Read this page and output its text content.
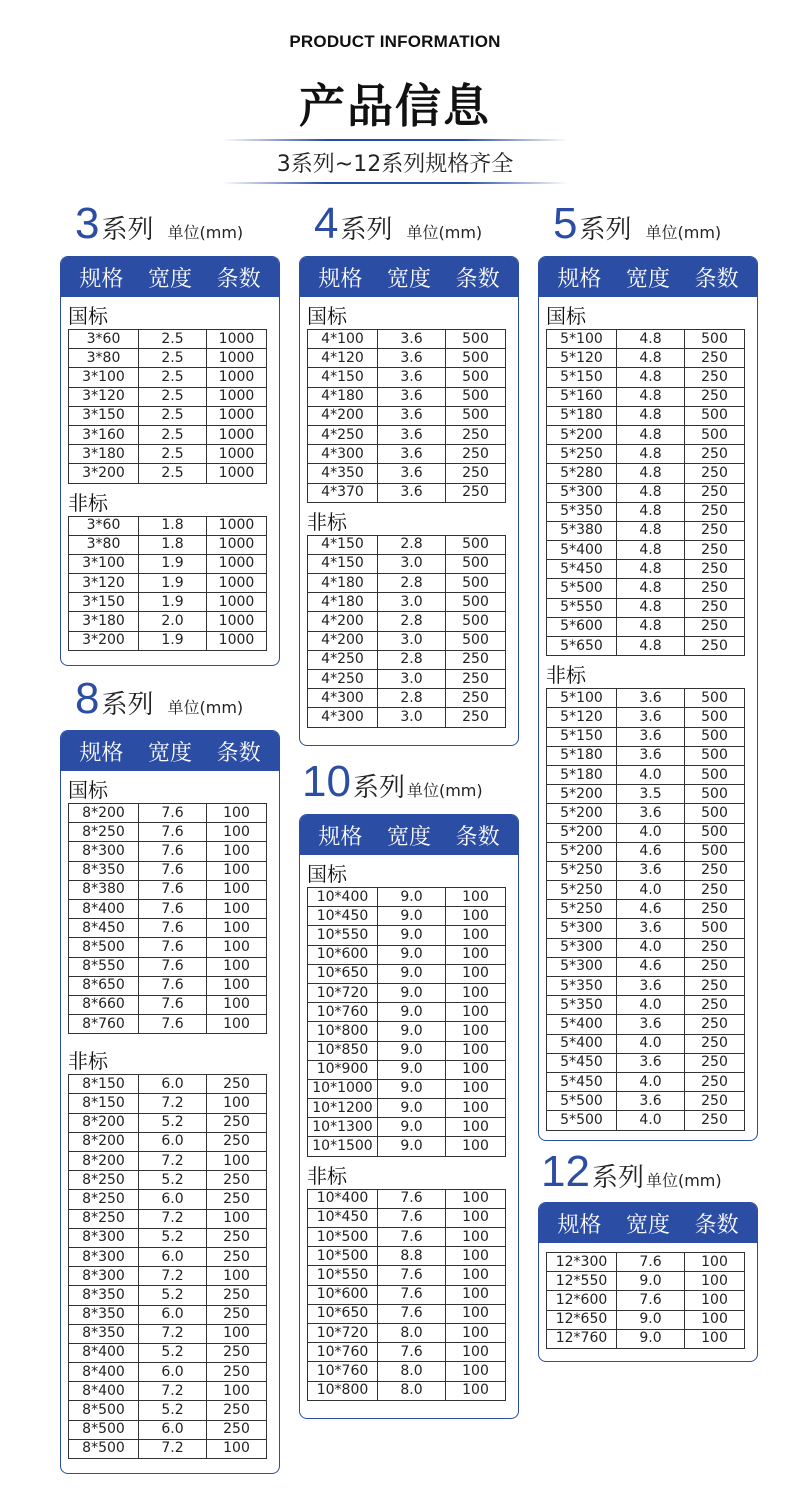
PRODUCT INFORMATION
产品信息
3系列~12系列规格齐全
3 系列 单位(mm)
规格 宽度 条数
国标
3*60	2.5	1000
3*80	2.5	1000
3*100	2.5	1000
3*120	2.5	1000
3*150	2.5	1000
3*160	2.5	1000
3*180	2.5	1000
3*200	2.5	1000
非标
3*60	1.8	1000
3*80	1.8	1000
3*100	1.9	1000
3*120	1.9	1000
3*150	1.9	1000
3*180	2.0	1000
3*200	1.9	1000
8 系列 单位(mm)
规格 宽度 条数
国标
8*200	7.6	100
8*250	7.6	100
8*300	7.6	100
8*350	7.6	100
8*380	7.6	100
8*400	7.6	100
8*450	7.6	100
8*500	7.6	100
8*550	7.6	100
8*650	7.6	100
8*660	7.6	100
8*760	7.6	100
非标
8*150	6.0	250
8*150	7.2	100
8*200	5.2	250
8*200	6.0	250
8*200	7.2	100
8*250	5.2	250
8*250	6.0	250
8*250	7.2	100
8*300	5.2	250
8*300	6.0	250
8*300	7.2	100
8*350	5.2	250
8*350	6.0	250
8*350	7.2	100
8*400	5.2	250
8*400	6.0	250
8*400	7.2	100
8*500	5.2	250
8*500	6.0	250
8*500	7.2	100
4 系列 单位(mm)
规格 宽度 条数
国标
4*100	3.6	500
4*120	3.6	500
4*150	3.6	500
4*180	3.6	500
4*200	3.6	500
4*250	3.6	250
4*300	3.6	250
4*350	3.6	250
4*370	3.6	250
非标
4*150	2.8	500
4*150	3.0	500
4*180	2.8	500
4*180	3.0	500
4*200	2.8	500
4*200	3.0	500
4*250	2.8	250
4*250	3.0	250
4*300	2.8	250
4*300	3.0	250
10 系列 单位(mm)
规格 宽度 条数
国标
10*400	9.0	100
10*450	9.0	100
10*550	9.0	100
10*600	9.0	100
10*650	9.0	100
10*720	9.0	100
10*760	9.0	100
10*800	9.0	100
10*850	9.0	100
10*900	9.0	100
10*1000	9.0	100
10*1200	9.0	100
10*1300	9.0	100
10*1500	9.0	100
非标
10*400	7.6	100
10*450	7.6	100
10*500	7.6	100
10*500	8.8	100
10*550	7.6	100
10*600	7.6	100
10*650	7.6	100
10*720	8.0	100
10*760	7.6	100
10*760	8.0	100
10*800	8.0	100
5 系列 单位(mm)
规格 宽度 条数
国标
5*100	4.8	500
5*120	4.8	250
5*150	4.8	250
5*160	4.8	250
5*180	4.8	500
5*200	4.8	500
5*250	4.8	250
5*280	4.8	250
5*300	4.8	250
5*350	4.8	250
5*380	4.8	250
5*400	4.8	250
5*450	4.8	250
5*500	4.8	250
5*550	4.8	250
5*600	4.8	250
5*650	4.8	250
非标
5*100	3.6	500
5*120	3.6	500
5*150	3.6	500
5*180	3.6	500
5*180	4.0	500
5*200	3.5	500
5*200	3.6	500
5*200	4.0	500
5*200	4.6	500
5*250	3.6	250
5*250	4.0	250
5*250	4.6	250
5*300	3.6	500
5*300	4.0	250
5*300	4.6	250
5*350	3.6	250
5*350	4.0	250
5*400	3.6	250
5*400	4.0	250
5*450	3.6	250
5*450	4.0	250
5*500	3.6	250
5*500	4.0	250
12 系列 单位(mm)
规格 宽度 条数
12*300	7.6	100
12*550	9.0	100
12*600	7.6	100
12*650	9.0	100
12*760	9.0	100
